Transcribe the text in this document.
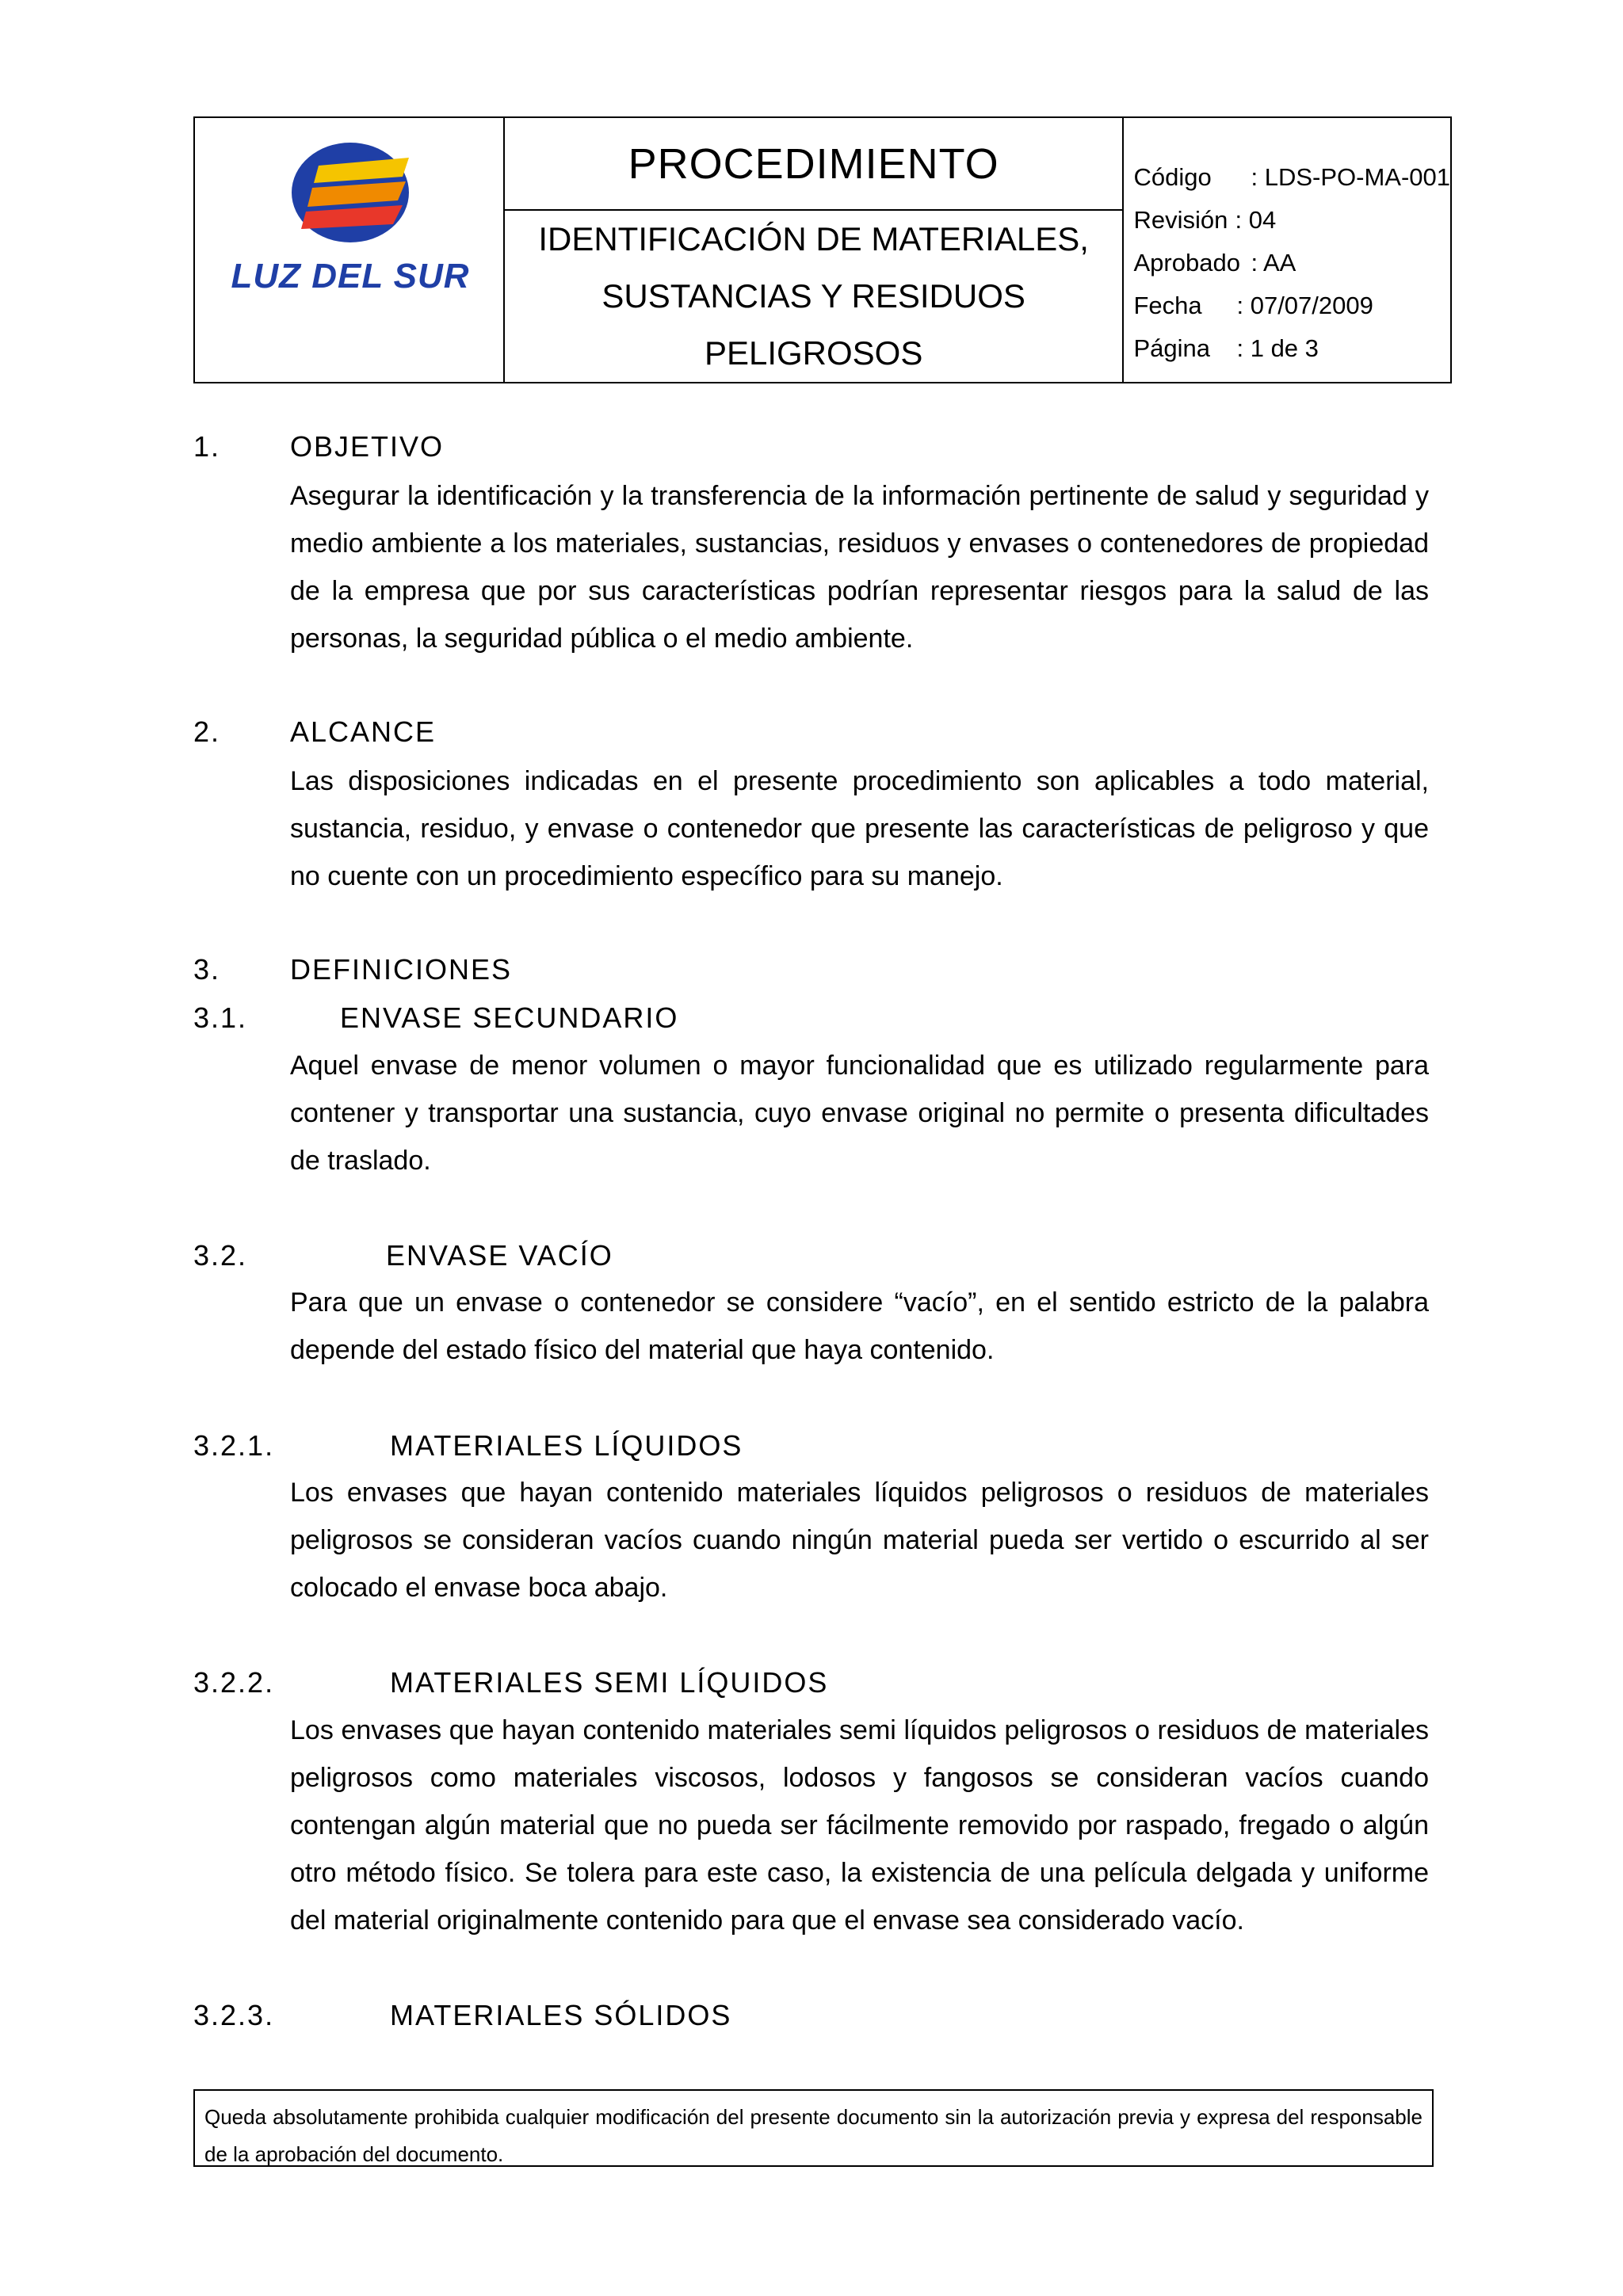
LUZ DEL SUR
PROCEDIMIENTO
IDENTIFICACIÓN DE MATERIALES,
SUSTANCIAS Y RESIDUOS
PELIGROSOS
Código	: LDS-PO-MA-001
Revisión : 04
Aprobado : AA
Fecha	: 07/07/2009
Página	: 1 de 3
1. OBJETIVO
Asegurar la identificación y la transferencia de la información pertinente de salud y seguridad y medio ambiente a los materiales, sustancias, residuos y envases o contenedores de propiedad de la empresa que por sus características podrían representar riesgos para la salud de las personas, la seguridad pública o el medio ambiente.
2. ALCANCE
Las disposiciones indicadas en el presente procedimiento son aplicables a todo material, sustancia, residuo, y envase o contenedor que presente las características de peligroso y que no cuente con un procedimiento específico para su manejo.
3. DEFINICIONES
3.1.	ENVASE SECUNDARIO
Aquel envase de menor volumen o mayor funcionalidad que es utilizado regularmente para contener y transportar una sustancia, cuyo envase original no permite o presenta dificultades de traslado.
3.2.	ENVASE VACÍO
Para que un envase o contenedor se considere “vacío”, en el sentido estricto de la palabra depende del estado físico del material que haya contenido.
3.2.1.	MATERIALES LÍQUIDOS
Los envases que hayan contenido materiales líquidos peligrosos o residuos de materiales peligrosos se consideran vacíos cuando ningún material pueda ser vertido o escurrido al ser colocado el envase boca abajo.
3.2.2.	MATERIALES SEMI LÍQUIDOS
Los envases que hayan contenido materiales semi líquidos peligrosos o residuos de materiales peligrosos como materiales viscosos, lodosos y fangosos se consideran vacíos cuando contengan algún material que no pueda ser fácilmente removido por raspado, fregado o algún otro método físico. Se tolera para este caso, la existencia de una película delgada y uniforme del material originalmente contenido para que el envase sea considerado vacío.
3.2.3.	MATERIALES SÓLIDOS
Queda absolutamente prohibida cualquier modificación del presente documento sin la autorización previa y expresa del responsable de la aprobación del documento.
